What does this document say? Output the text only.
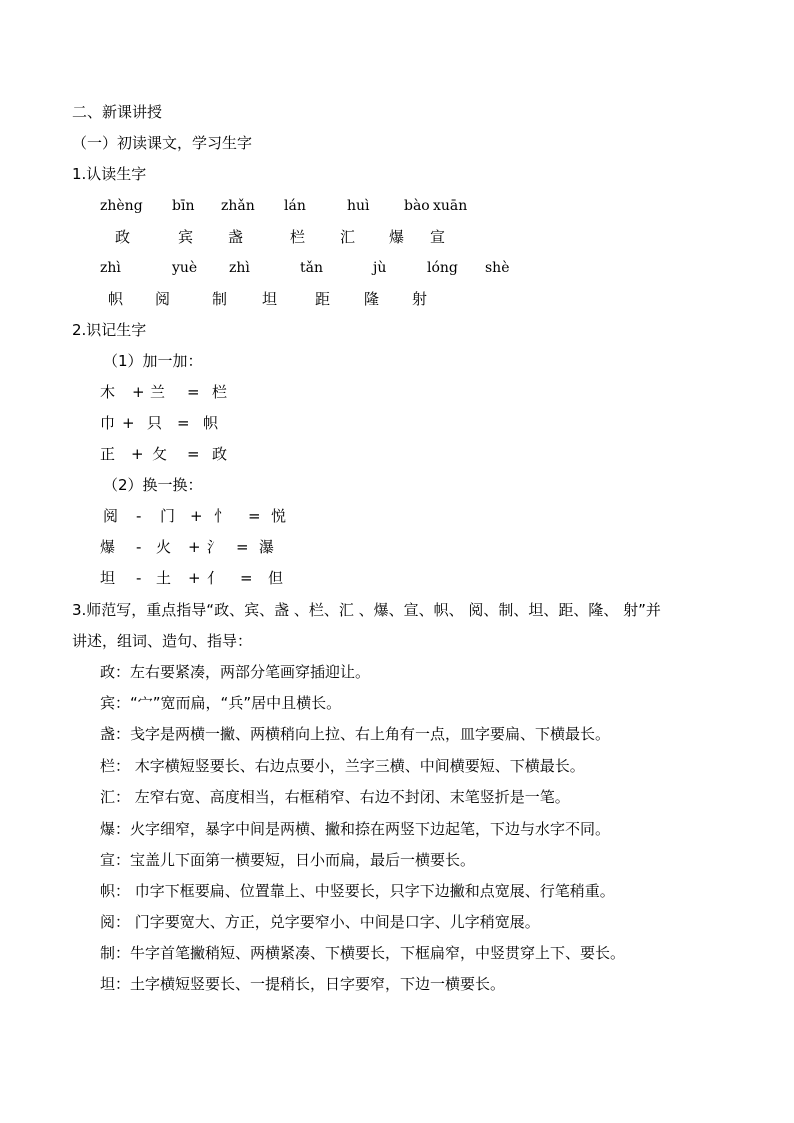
二、新课讲授
（一）初读课文，学习生字
1.认读生字
zhèng bīn zhǎn lán	huì bào xuān
政	宾 盏	栏 汇 爆 宣
zhì	yuè zhì	tǎn	jù	lóng shè
帜 阅	制 坦	距 隆 射
2.识记生字
（1）加一加：
木 + 兰 = 栏
巾 + 只 = 帜
正 + 攵 = 政
（2）换一换：
阅 - 门 + 忄 = 悦
爆 - 火 + 氵 = 瀑
坦 - 土 + 亻 = 但
3.师范写，重点指导“政、宾、盏 、栏、汇 、爆、宣、帜、 阅、制、坦、距、隆、 射”并
讲述，组词、造句、指导：
政：左右要紧凑，两部分笔画穿插迎让。
宾：“宀”宽而扁，“兵”居中且横长。
盏：戋字是两横一撇、两横稍向上拉、右上角有一点，皿字要扁、下横最长。
栏： 木字横短竖要长、右边点要小，兰字三横、中间横要短、下横最长。
汇： 左窄右宽、高度相当，右框稍窄、右边不封闭、末笔竖折是一笔。
爆：火字细窄，暴字中间是两横、撇和捺在两竖下边起笔，下边与水字不同。
宣：宝盖儿下面第一横要短，日小而扁，最后一横要长。
帜： 巾字下框要扁、位置靠上、中竖要长，只字下边撇和点宽展、行笔稍重。
阅： 门字要宽大、方正，兑字要窄小、中间是口字、儿字稍宽展。
制：牛字首笔撇稍短、两横紧凑、下横要长，下框扁窄，中竖贯穿上下、要长。
坦：土字横短竖要长、一提稍长，日字要窄，下边一横要长。
